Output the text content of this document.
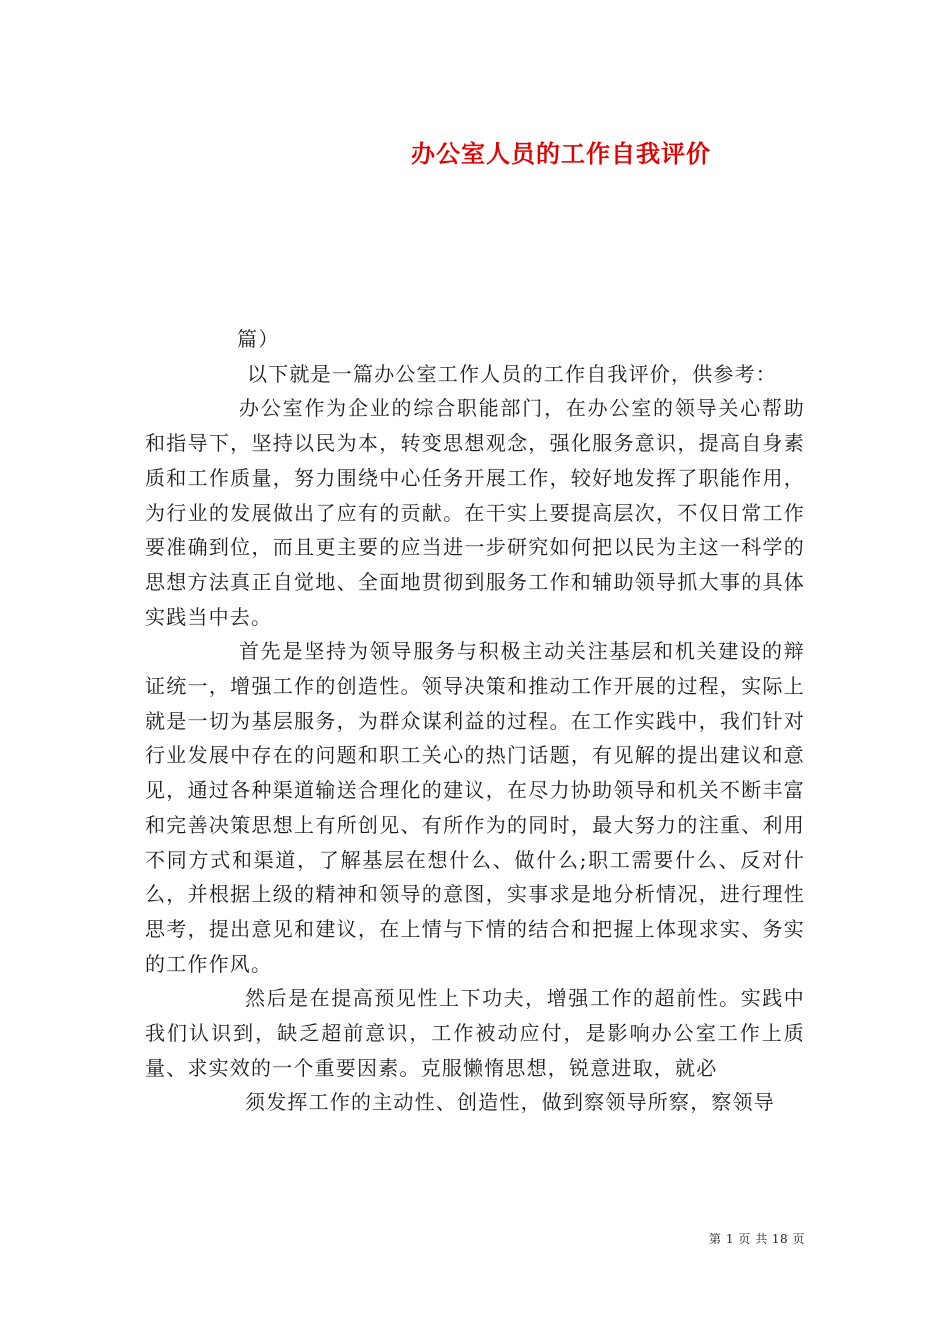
办公室人员的工作自我评价

篇）

以下就是一篇办公室工作人员的工作自我评价，供参考：

办公室作为企业的综合职能部门，在办公室的领导关心帮助和指导下，坚持以民为本，转变思想观念，强化服务意识，提高自身素质和工作质量，努力围绕中心任务开展工作，较好地发挥了职能作用，为行业的发展做出了应有的贡献。在干实上要提高层次，不仅日常工作要准确到位，而且更主要的应当进一步研究如何把以民为主这一科学的思想方法真正自觉地、全面地贯彻到服务工作和辅助领导抓大事的具体实践当中去。

首先是坚持为领导服务与积极主动关注基层和机关建设的辩证统一，增强工作的创造性。领导决策和推动工作开展的过程，实际上就是一切为基层服务，为群众谋利益的过程。在工作实践中，我们针对行业发展中存在的问题和职工关心的热门话题，有见解的提出建议和意见，通过各种渠道输送合理化的建议，在尽力协助领导和机关不断丰富和完善决策思想上有所创见、有所作为的同时，最大努力的注重、利用不同方式和渠道，了解基层在想什么、做什么;职工需要什么、反对什么，并根据上级的精神和领导的意图，实事求是地分析情况，进行理性思考，提出意见和建议，在上情与下情的结合和把握上体现求实、务实的工作作风。

然后是在提高预见性上下功夫，增强工作的超前性。实践中我们认识到，缺乏超前意识，工作被动应付，是影响办公室工作上质量、求实效的一个重要因素。克服懒惰思想，锐意进取，就必

须发挥工作的主动性、创造性，做到察领导所察，察领导

第 1 页 共 18 页
